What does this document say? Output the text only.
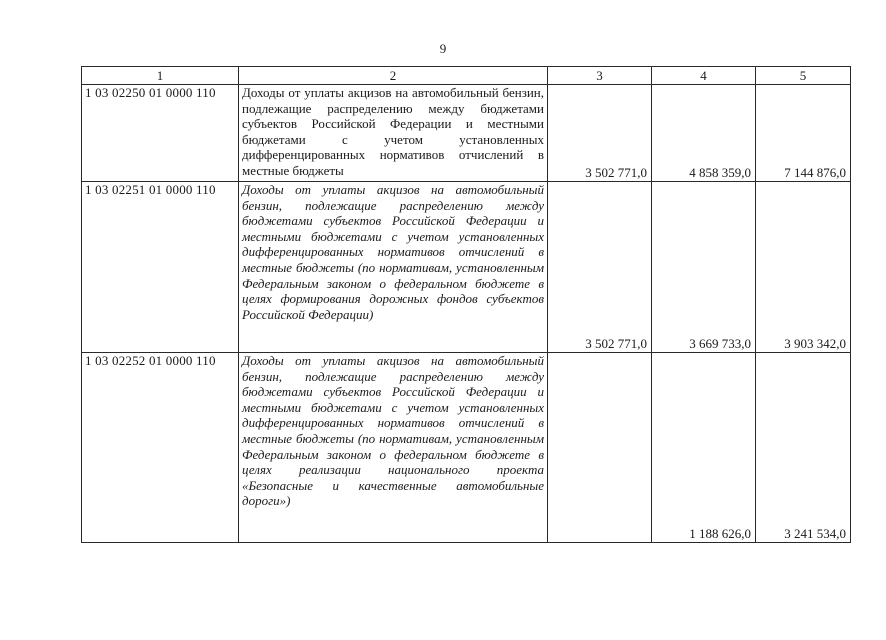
9
1	2	3	4	5
1 03 02250 01 0000 110	Доходы от уплаты акцизов на автомобильный бензин, подлежащие распределению между бюджетами субъектов Российской Федерации и местными бюджетами с учетом установленных дифференцированных нормативов отчислений в местные бюджеты	3 502 771,0	4 858 359,0	7 144 876,0
1 03 02251 01 0000 110	Доходы от уплаты акцизов на автомобильный бензин, подлежащие распределению между бюджетами субъектов Российской Федерации и местными бюджетами с учетом установленных дифференцированных нормативов отчислений в местные бюджеты (по нормативам, установленным Федеральным законом о федеральном бюджете в целях формирования дорожных фондов субъектов Российской Федерации)	3 502 771,0	3 669 733,0	3 903 342,0
1 03 02252 01 0000 110	Доходы от уплаты акцизов на автомобильный бензин, подлежащие распределению между бюджетами субъектов Российской Федерации и местными бюджетами с учетом установленных дифференцированных нормативов отчислений в местные бюджеты (по нормативам, установленным Федеральным законом о федеральном бюджете в целях реализации национального проекта «Безопасные и качественные автомобильные дороги»)		1 188 626,0	3 241 534,0
